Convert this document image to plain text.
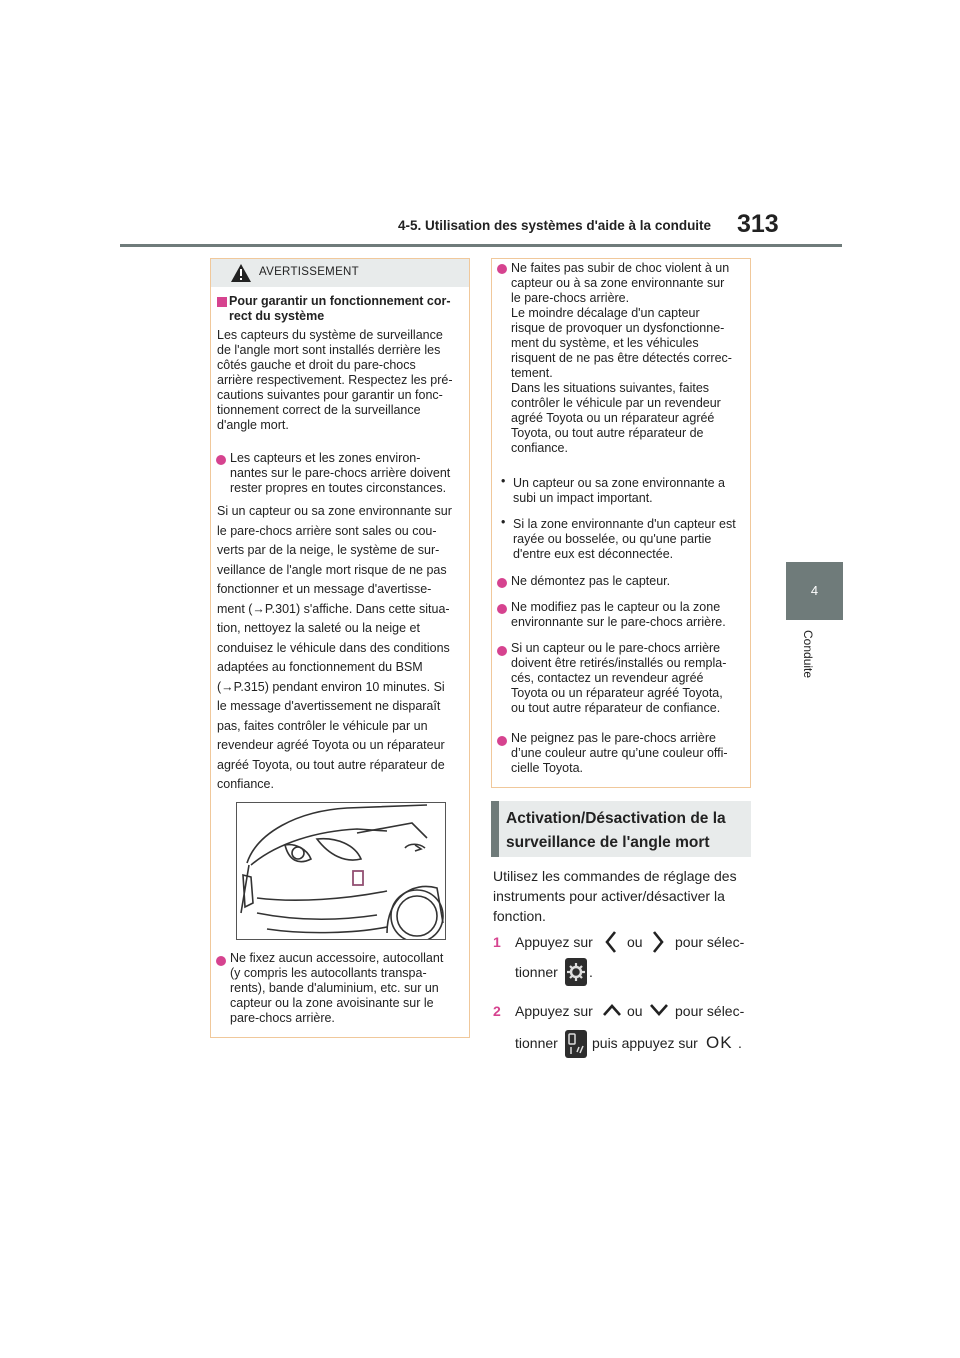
4-5. Utilisation des systèmes d'aide à la conduite 313
4
Conduite
AVERTISSEMENT

Pour garantir un fonctionnement cor-

rect du système

Les capteurs du système de surveillance

de l'angle mort sont installés derrière les

côtés gauche et droit du pare-chocs

arrière respectivement. Respectez les pré-

cautions suivantes pour garantir un fonc-

tionnement correct de la surveillance

d'angle mort.

Les capteurs et les zones environ-

nantes sur le pare-chocs arrière doivent

rester propres en toutes circonstances.

Si un capteur ou sa zone environnante sur

le pare-chocs arrière sont sales ou cou-

verts par de la neige, le système de sur-

veillance de l'angle mort risque de ne pas

fonctionner et un message d'avertisse-

ment (→P.301) s'affiche. Dans cette situa-

tion, nettoyez la saleté ou la neige et

conduisez le véhicule dans des conditions

adaptées au fonctionnement du BSM

(→P.315) pendant environ 10 minutes. Si

le message d'avertissement ne disparaît

pas, faites contrôler le véhicule par un

revendeur agréé Toyota ou un réparateur

agréé Toyota, ou tout autre réparateur de

confiance.

Ne fixez aucun accessoire, autocollant

(y compris les autocollants transpa-

rents), bande d'aluminium, etc. sur un

capteur ou la zone avoisinante sur le

pare-chocs arrière.

Ne faites pas subir de choc violent à un

capteur ou à sa zone environnante sur

le pare-chocs arrière.

Le moindre décalage d'un capteur

risque de provoquer un dysfonctionne-

ment du système, et les véhicules

risquent de ne pas être détectés correc-

tement.

Dans les situations suivantes, faites

contrôler le véhicule par un revendeur

agréé Toyota ou un réparateur agréé

Toyota, ou tout autre réparateur de

confiance.

• Un capteur ou sa zone environnante a

subi un impact important.

• Si la zone environnante d'un capteur est

rayée ou bosselée, ou qu'une partie

d'entre eux est déconnectée.

Ne démontez pas le capteur.

Ne modifiez pas le capteur ou la zone

environnante sur le pare-chocs arrière.

Si un capteur ou le pare-chocs arrière

doivent être retirés/installés ou rempla-

cés, contactez un revendeur agréé

Toyota ou un réparateur agréé Toyota,

ou tout autre réparateur de confiance.

Ne peignez pas le pare-chocs arrière

d’une couleur autre qu’une couleur offi-

cielle Toyota.

Activation/Désactivation de la
surveillance de l'angle mort
Utilisez les commandes de réglage des
instruments pour activer/désactiver la
fonction.
1 Appuyez sur ou pour sélec-
tionner .
2 Appuyez sur ou pour sélec-
tionner puis appuyez sur OK .
